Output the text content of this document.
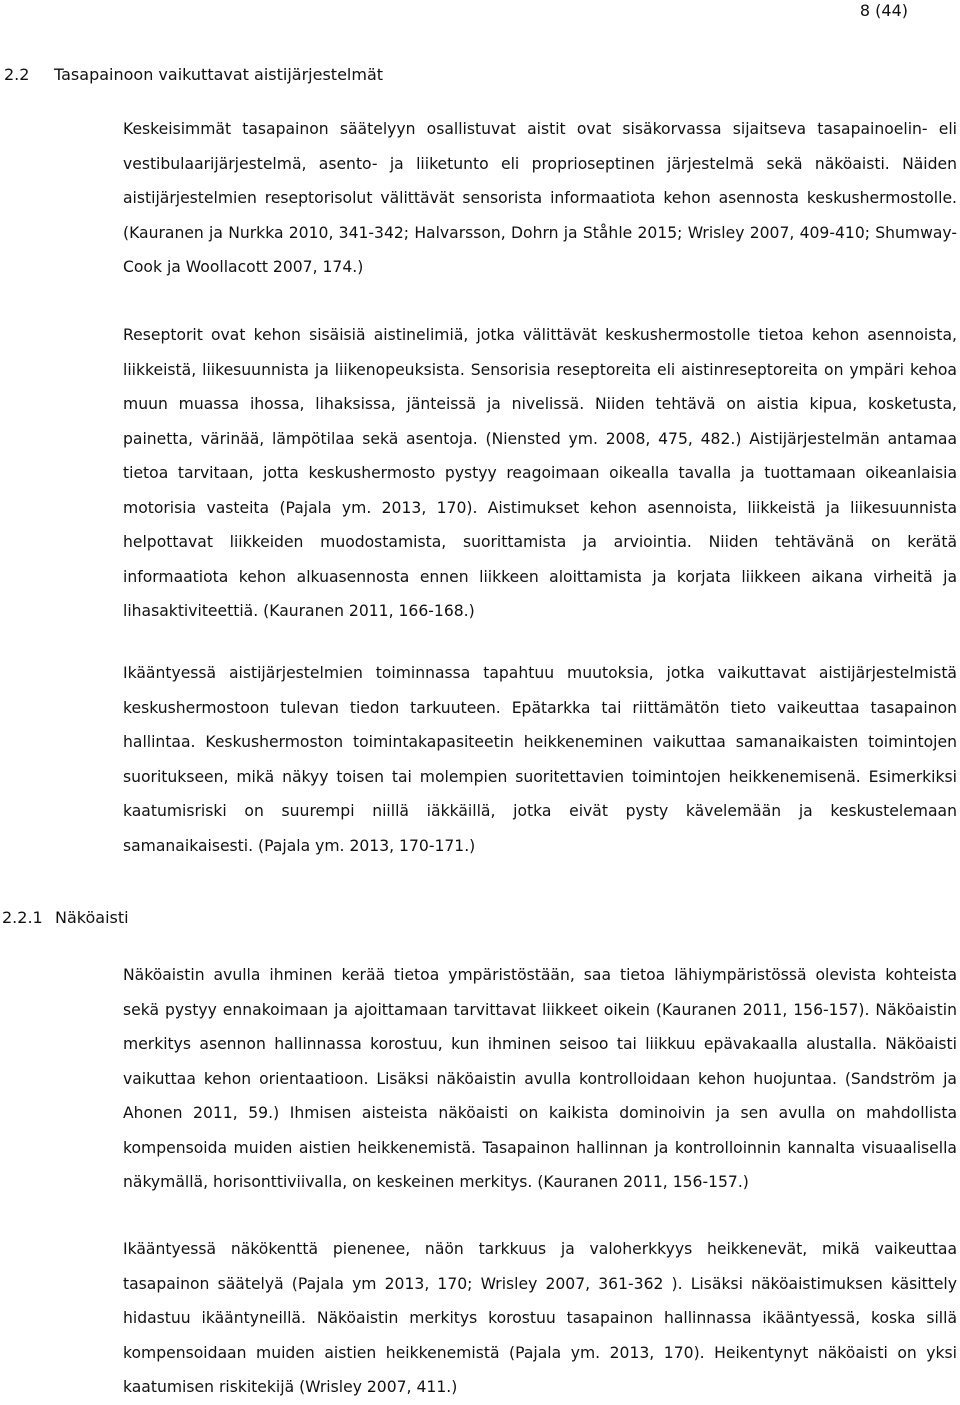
8 (44)
2.2 Tasapainoon vaikuttavat aistijärjestelmät

Keskeisimmät tasapainon säätelyyn osallistuvat aistit ovat sisäkorvassa sijaitseva tasapainoelin- eli vestibulaarijärjestelmä, asento- ja liiketunto eli proprioseptinen järjestelmä sekä näköaisti. Näiden aistijärjestelmien reseptorisolut välittävät sensorista informaatiota kehon asennosta keskushermostolle. (Kauranen ja Nurkka 2010, 341-342; Halvarsson, Dohrn ja Ståhle 2015; Wrisley 2007, 409-410; Shumway-Cook ja Woollacott 2007, 174.)

Reseptorit ovat kehon sisäisiä aistinelimiä, jotka välittävät keskushermostolle tietoa kehon asennoista, liikkeistä, liikesuunnista ja liikenopeuksista. Sensorisia reseptoreita eli aistinreseptoreita on ympäri kehoa muun muassa ihossa, lihaksissa, jänteissä ja nivelissä. Niiden tehtävä on aistia kipua, kosketusta, painetta, värinää, lämpötilaa sekä asentoja. (Niensted ym. 2008, 475, 482.) Aistijärjestelmän antamaa tietoa tarvitaan, jotta keskushermosto pystyy reagoimaan oikealla tavalla ja tuottamaan oikeanlaisia motorisia vasteita (Pajala ym. 2013, 170). Aistimukset kehon asennoista, liikkeistä ja liikesuunnista helpottavat liikkeiden muodostamista, suorittamista ja arviointia. Niiden tehtävänä on kerätä informaatiota kehon alkuasennosta ennen liikkeen aloittamista ja korjata liikkeen aikana virheitä ja lihasaktiviteettiä. (Kauranen 2011, 166-168.)

Ikääntyessä aistijärjestelmien toiminnassa tapahtuu muutoksia, jotka vaikuttavat aistijärjestelmistä keskushermostoon tulevan tiedon tarkuuteen. Epätarkka tai riittämätön tieto vaikeuttaa tasapainon hallintaa. Keskushermoston toimintakapasiteetin heikkeneminen vaikuttaa samanaikaisten toimintojen suoritukseen, mikä näkyy toisen tai molempien suoritettavien toimintojen heikkenemisenä. Esimerkiksi kaatumisriski on suurempi niillä iäkkäillä, jotka eivät pysty kävelemään ja keskustelemaan samanaikaisesti. (Pajala ym. 2013, 170-171.)

2.2.1 Näköaisti

Näköaistin avulla ihminen kerää tietoa ympäristöstään, saa tietoa lähiympäristössä olevista kohteista sekä pystyy ennakoimaan ja ajoittamaan tarvittavat liikkeet oikein (Kauranen 2011, 156-157). Näköaistin merkitys asennon hallinnassa korostuu, kun ihminen seisoo tai liikkuu epävakaalla alustalla. Näköaisti vaikuttaa kehon orientaatioon. Lisäksi näköaistin avulla kontrolloidaan kehon huojuntaa. (Sandström ja Ahonen 2011, 59.) Ihmisen aisteista näköaisti on kaikista dominoivin ja sen avulla on mahdollista kompensoida muiden aistien heikkenemistä. Tasapainon hallinnan ja kontrolloinnin kannalta visuaalisella näkymällä, horisonttiviivalla, on keskeinen merkitys. (Kauranen 2011, 156-157.)

Ikääntyessä näkökenttä pienenee, näön tarkkuus ja valoherkkyys heikkenevät, mikä vaikeuttaa tasapainon säätelyä (Pajala ym 2013, 170; Wrisley 2007, 361-362 ). Lisäksi näköaistimuksen käsittely hidastuu ikääntyneillä. Näköaistin merkitys korostuu tasapainon hallinnassa ikääntyessä, koska sillä kompensoidaan muiden aistien heikkenemistä (Pajala ym. 2013, 170). Heikentynyt näköaisti on yksi kaatumisen riskitekijä (Wrisley 2007, 411.)
